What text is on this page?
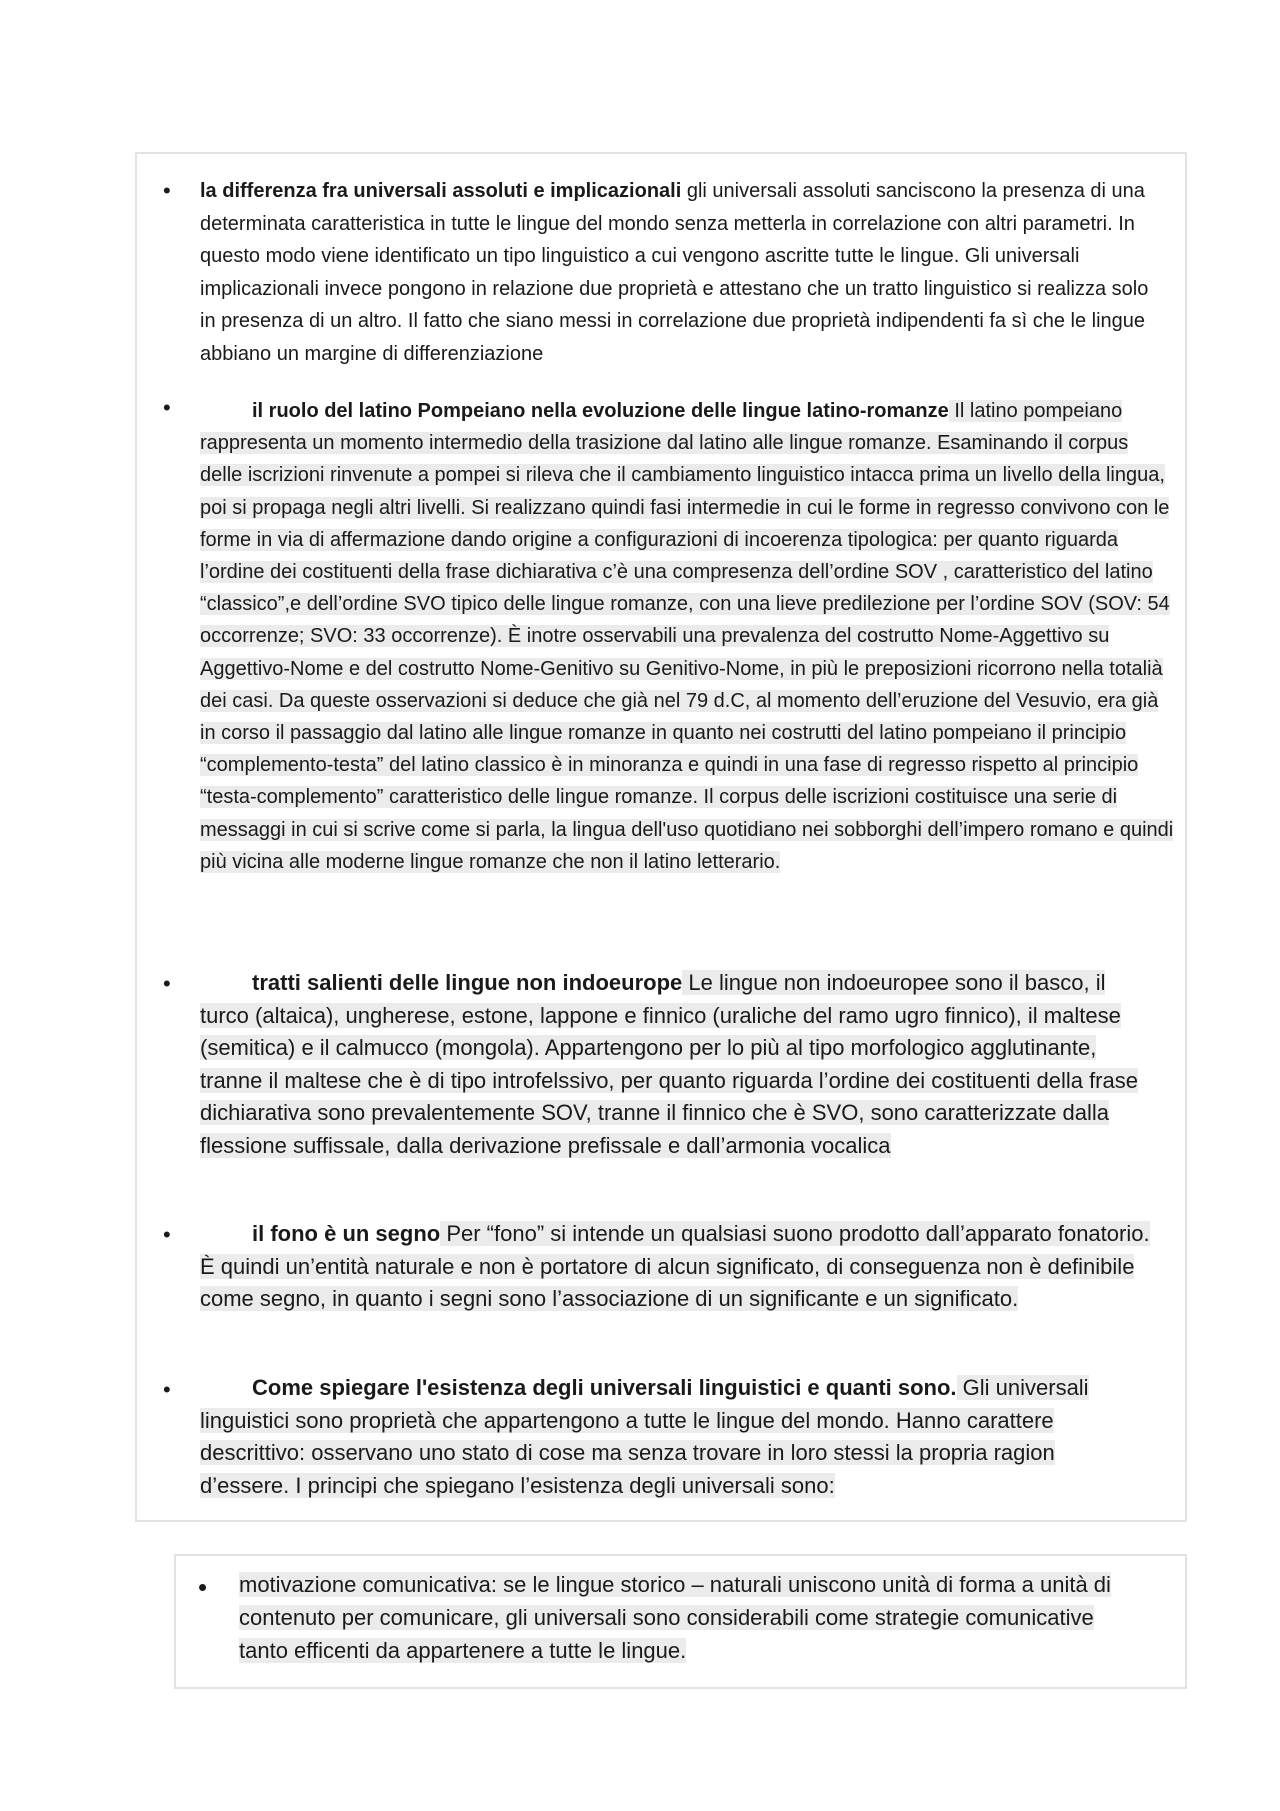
• la differenza fra universali assoluti e implicazionali gli universali assoluti sanciscono la presenza di una determinata caratteristica in tutte le lingue del mondo senza metterla in correlazione con altri parametri. In questo modo viene identificato un tipo linguistico a cui vengono ascritte tutte le lingue. Gli universali implicazionali invece pongono in relazione due proprietà e attestano che un tratto linguistico si realizza solo in presenza di un altro. Il fatto che siano messi in correlazione due proprietà indipendenti fa sì che le lingue abbiano un margine di differenziazione
•	il ruolo del latino Pompeiano nella evoluzione delle lingue latino-romanze Il latino pompeiano rappresenta un momento intermedio della trasizione dal latino alle lingue romanze. Esaminando il corpus delle iscrizioni rinvenute a pompei si rileva che il cambiamento linguistico intacca prima un livello della lingua, poi si propaga negli altri livelli. Si realizzano quindi fasi intermedie in cui le forme in regresso convivono con le forme in via di affermazione dando origine a configurazioni di incoerenza tipologica: per quanto riguarda l’ordine dei costituenti della frase dichiarativa c’è una compresenza dell’ordine SOV , caratteristico del latino “classico”,e dell’ordine SVO tipico delle lingue romanze, con una lieve predilezione per l’ordine SOV (SOV: 54 occorrenze; SVO: 33 occorrenze). È inotre osservabili una prevalenza del costrutto Nome-Aggettivo su Aggettivo-Nome e del costrutto Nome-Genitivo su Genitivo-Nome, in più le preposizioni ricorrono nella totalià dei casi. Da queste osservazioni si deduce che già nel 79 d.C, al momento dell’eruzione del Vesuvio, era già in corso il passaggio dal latino alle lingue romanze in quanto nei costrutti del latino pompeiano il principio “complemento-testa” del latino classico è in minoranza e quindi in una fase di regresso rispetto al principio “testa-complemento” caratteristico delle lingue romanze. Il corpus delle iscrizioni costituisce una serie di messaggi in cui si scrive come si parla, la lingua dell'uso quotidiano nei sobborghi dell’impero romano e quindi più vicina alle moderne lingue romanze che non il latino letterario.
•	tratti salienti delle lingue non indoeurope Le lingue non indoeuropee sono il basco, il turco (altaica), ungherese, estone, lappone e finnico (uraliche del ramo ugro finnico), il maltese (semitica) e il calmucco (mongola). Appartengono per lo più al tipo morfologico agglutinante, tranne il maltese che è di tipo introfelssivo, per quanto riguarda l’ordine dei costituenti della frase dichiarativa sono prevalentemente SOV, tranne il finnico che è SVO, sono caratterizzate dalla flessione suffissale, dalla derivazione prefissale e dall’armonia vocalica
•	il fono è un segno Per “fono” si intende un qualsiasi suono prodotto dall’apparato fonatorio. È quindi un’entità naturale e non è portatore di alcun significato, di conseguenza non è definibile come segno, in quanto i segni sono l’associazione di un significante e un significato.
•	Come spiegare l'esistenza degli universali linguistici e quanti sono. Gli universali linguistici sono proprietà che appartengono a tutte le lingue del mondo. Hanno carattere descrittivo: osservano uno stato di cose ma senza trovare in loro stessi la propria ragion d’essere. I principi che spiegano l’esistenza degli universali sono:
• motivazione comunicativa: se le lingue storico – naturali uniscono unità di forma a unità di contenuto per comunicare, gli universali sono considerabili come strategie comunicative tanto efficenti da appartenere a tutte le lingue.
